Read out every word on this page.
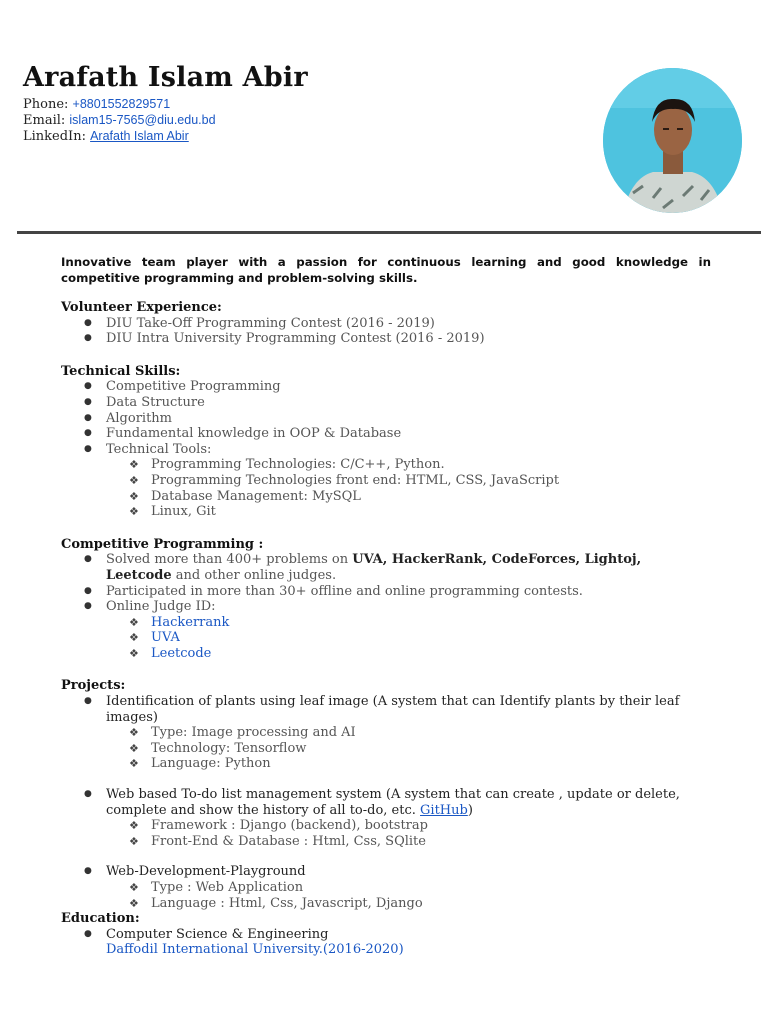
Arafath Islam Abir
Phone: +8801552829571
Email: islam15-7565@diu.edu.bd
LinkedIn: Arafath Islam Abir

Innovative team player with a passion for continuous learning and good knowledge in competitive programming and problem-solving skills.

Volunteer Experience:
● DIU Take-Off Programming Contest (2016 - 2019)
● DIU Intra University Programming Contest (2016 - 2019)
Technical Skills:
● Competitive Programming
● Data Structure
● Algorithm
● Fundamental knowledge in OOP & Database
● Technical Tools:
❖ Programming Technologies: C/C++, Python.
❖ Programming Technologies front end: HTML, CSS, JavaScript
❖ Database Management: MySQL
❖ Linux, Git
Competitive Programming :
● Solved more than 400+ problems on UVA, HackerRank, CodeForces, Lightoj, Leetcode and other online judges.
● Participated in more than 30+ offline and online programming contests.
● Online Judge ID:
❖ Hackerrank
❖ UVA
❖ Leetcode
Projects:
● Identification of plants using leaf image (A system that can Identify plants by their leaf images)
❖ Type: Image processing and AI
❖ Technology: Tensorflow
❖ Language: Python
● Web based To-do list management system (A system that can create , update or delete, complete and show the history of all to-do, etc. GitHub)
❖ Framework : Django (backend), bootstrap
❖ Front-End & Database : Html, Css, SQlite
● Web-Development-Playground
❖ Type : Web Application
❖ Language : Html, Css, Javascript, Django
Education:
● Computer Science & Engineering
Daffodil International University.(2016-2020)
